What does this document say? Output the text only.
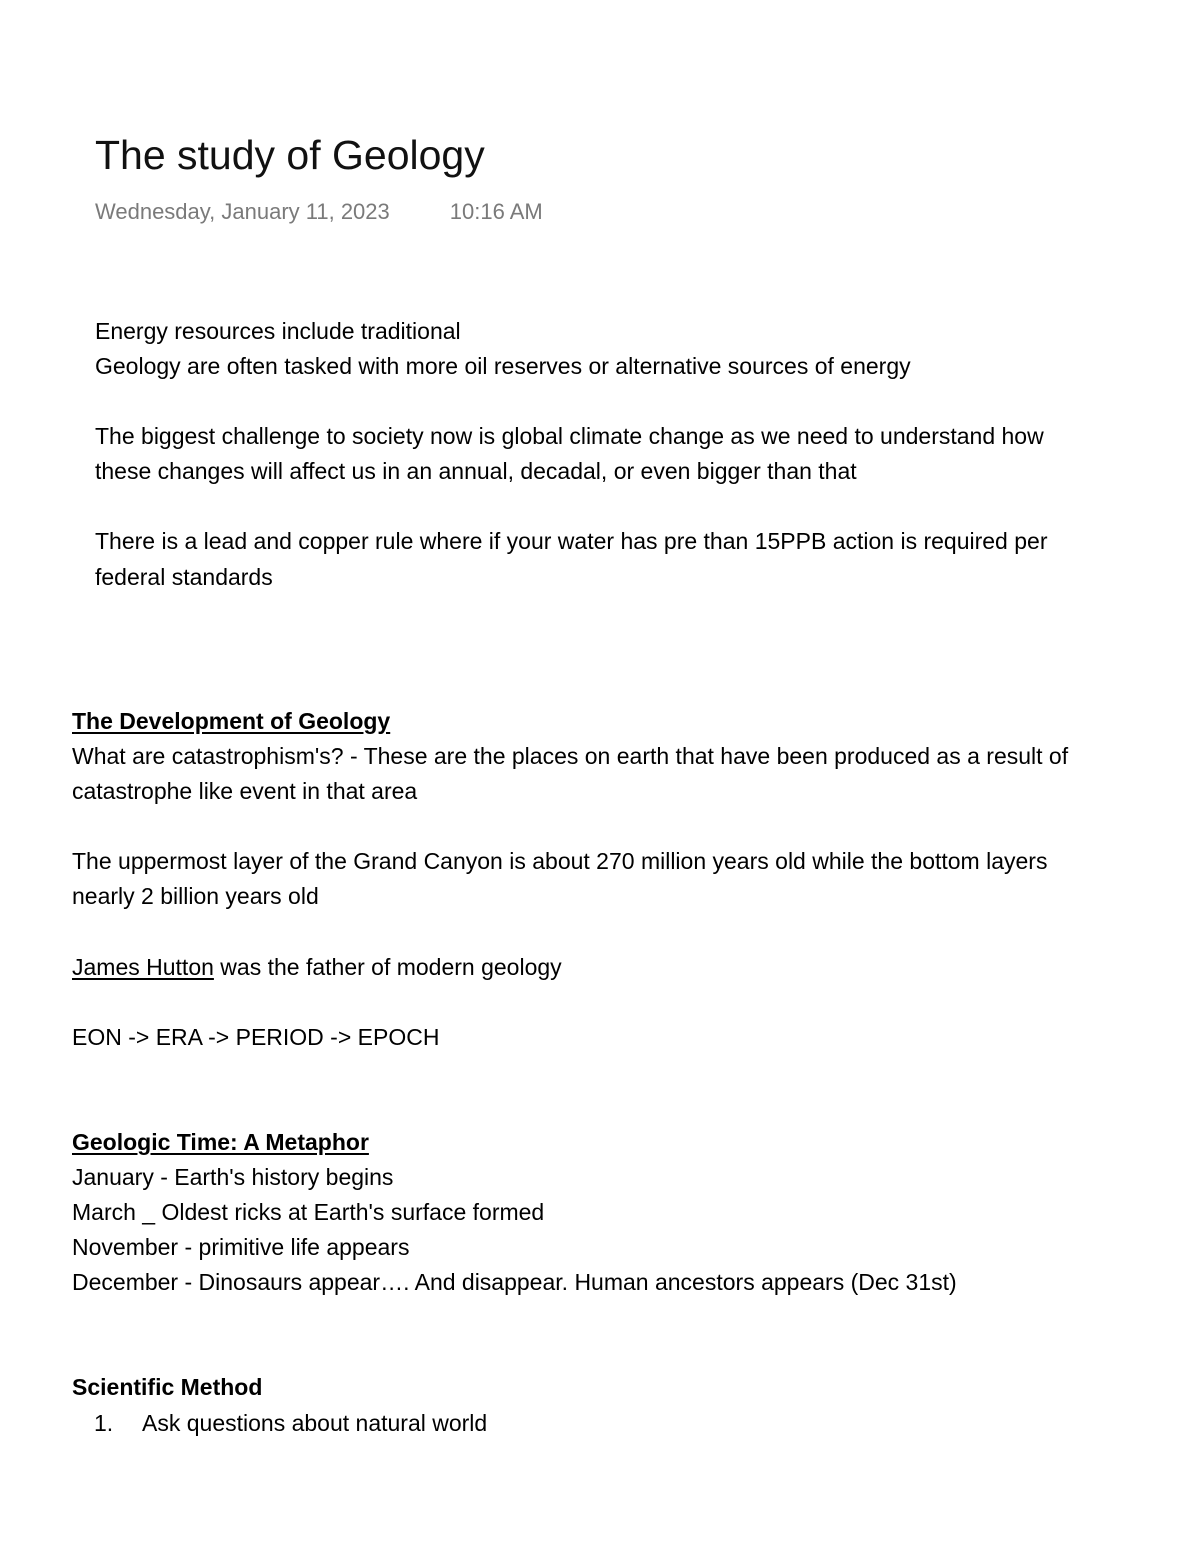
The study of Geology
Wednesday, January 11, 2023	10:16 AM
Energy resources include traditional
Geology are often tasked with more oil reserves or alternative sources of energy
The biggest challenge to society now is global climate change as we need to understand how
these changes will affect us in an annual, decadal, or even bigger than that
There is a lead and copper rule where if your water has pre than 15PPB action is required per
federal standards
The Development of Geology
What are catastrophism's? - These are the places on earth that have been produced as a result of
catastrophe like event in that area
The uppermost layer of the Grand Canyon is about 270 million years old while the bottom layers
nearly 2 billion years old
James Hutton was the father of modern geology
EON -> ERA -> PERIOD -> EPOCH
Geologic Time: A Metaphor
January - Earth's history begins
March _ Oldest ricks at Earth's surface formed
November - primitive life appears
December - Dinosaurs appear…. And disappear. Human ancestors appears (Dec 31st)
Scientific Method
1. Ask questions about natural world
